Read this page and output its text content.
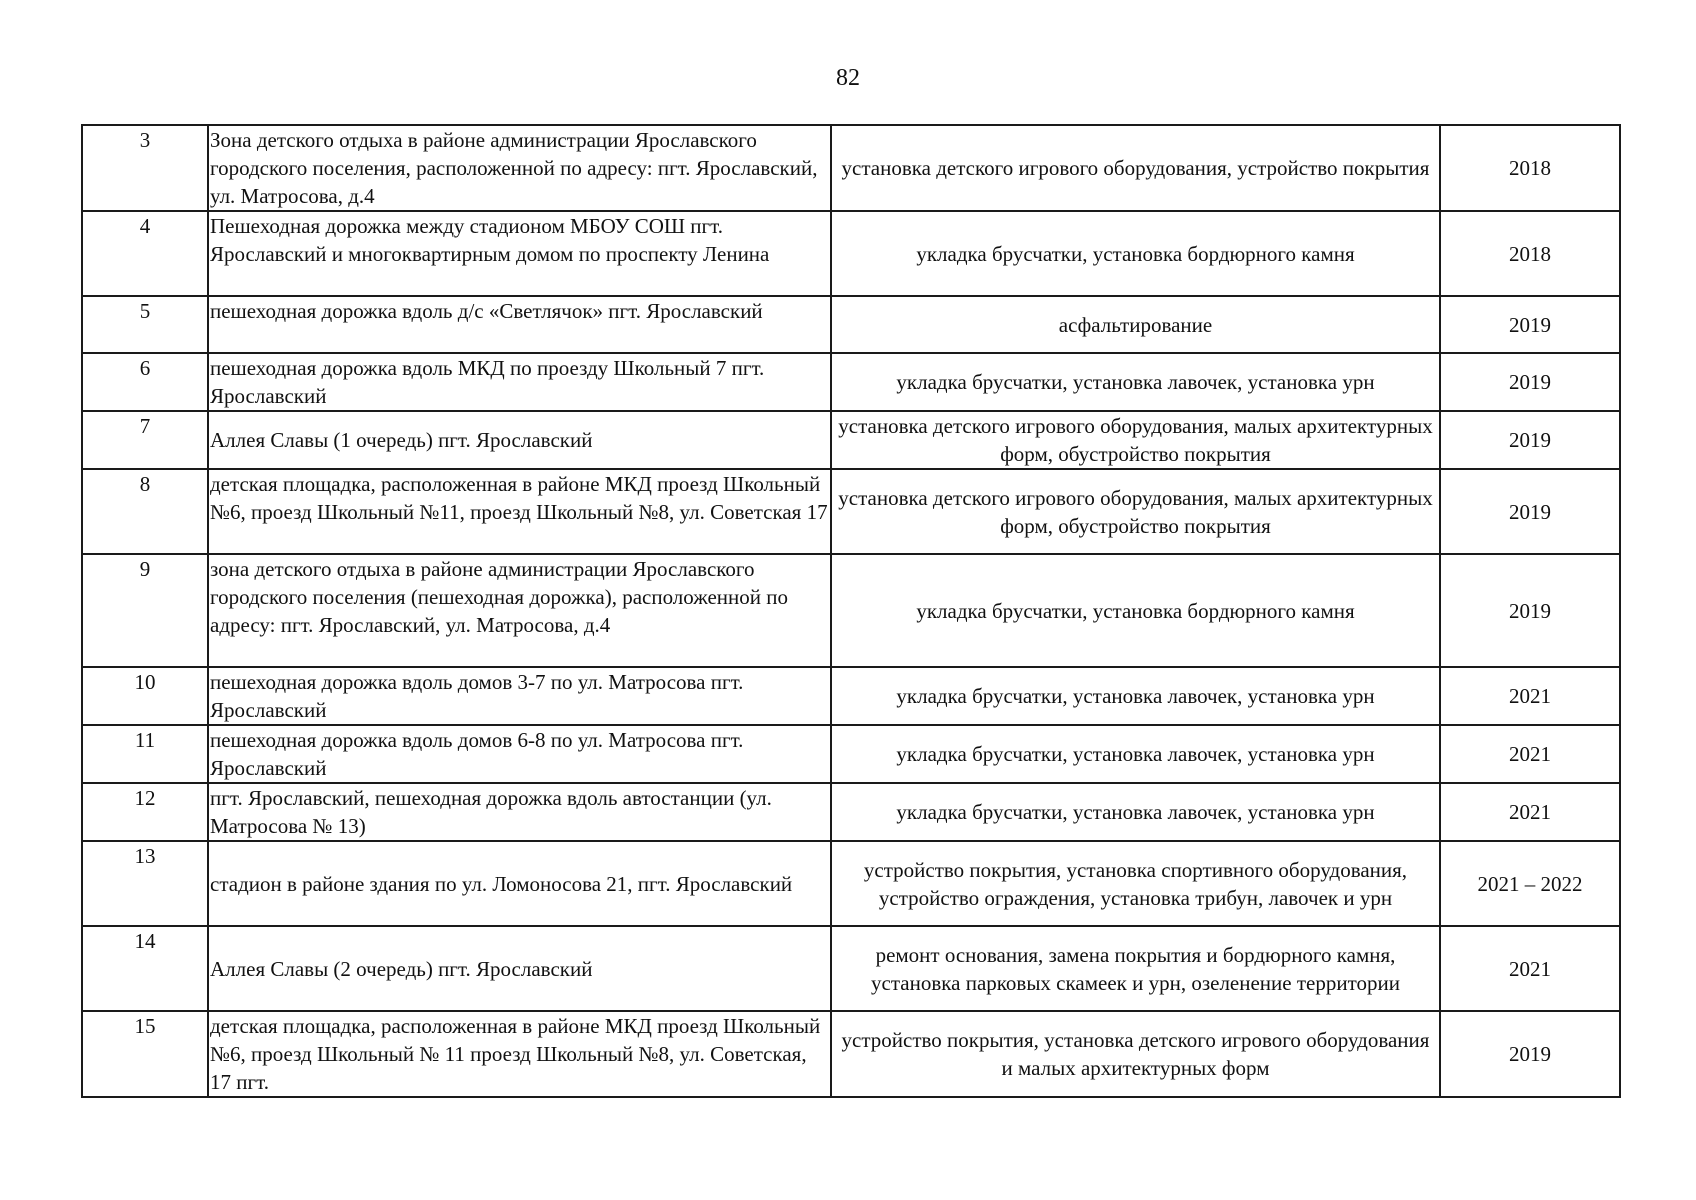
82
3	Зона детского отдыха в районе администрации Ярославского городского поселения, расположенной по адресу: пгт. Ярославский, ул. Матросова, д.4	установка детского игрового оборудования, устройство покрытия	2018
4	Пешеходная дорожка между стадионом МБОУ СОШ пгт. Ярославский и многоквартирным домом по проспекту Ленина	укладка брусчатки, установка бордюрного камня	2018
5	пешеходная дорожка вдоль д/с «Светлячок» пгт. Ярославский	асфальтирование	2019
6	пешеходная дорожка вдоль МКД по проезду Школьный 7 пгт. Ярославский	укладка брусчатки, установка лавочек, установка урн	2019
7	Аллея Славы (1 очередь) пгт. Ярославский	установка детского игрового оборудования, малых архитектурных форм, обустройство покрытия	2019
8	детская площадка, расположенная в районе МКД проезд Школьный №6, проезд Школьный №11, проезд Школьный №8, ул. Советская 17	установка детского игрового оборудования, малых архитектурных форм, обустройство покрытия	2019
9	зона детского отдыха в районе администрации Ярославского городского поселения (пешеходная дорожка), расположенной по адресу: пгт. Ярославский, ул. Матросова, д.4	укладка брусчатки, установка бордюрного камня	2019
10	пешеходная дорожка вдоль домов 3-7 по ул. Матросова пгт. Ярославский	укладка брусчатки, установка лавочек, установка урн	2021
11	пешеходная дорожка вдоль домов 6-8 по ул. Матросова пгт. Ярославский	укладка брусчатки, установка лавочек, установка урн	2021
12	пгт. Ярославский, пешеходная дорожка вдоль автостанции (ул. Матросова № 13)	укладка брусчатки, установка лавочек, установка урн	2021
13	стадион в районе здания по ул. Ломоносова 21, пгт. Ярославский	устройство покрытия, установка спортивного оборудования, устройство ограждения, установка трибун, лавочек и урн	2021 – 2022
14	Аллея Славы (2 очередь) пгт. Ярославский	ремонт основания, замена покрытия и бордюрного камня, установка парковых скамеек и урн, озеленение территории	2021
15	детская площадка, расположенная в районе МКД проезд Школьный №6, проезд Школьный № 11 проезд Школьный №8, ул. Советская, 17 пгт.	устройство покрытия, установка детского игрового оборудования и малых архитектурных форм	2019
